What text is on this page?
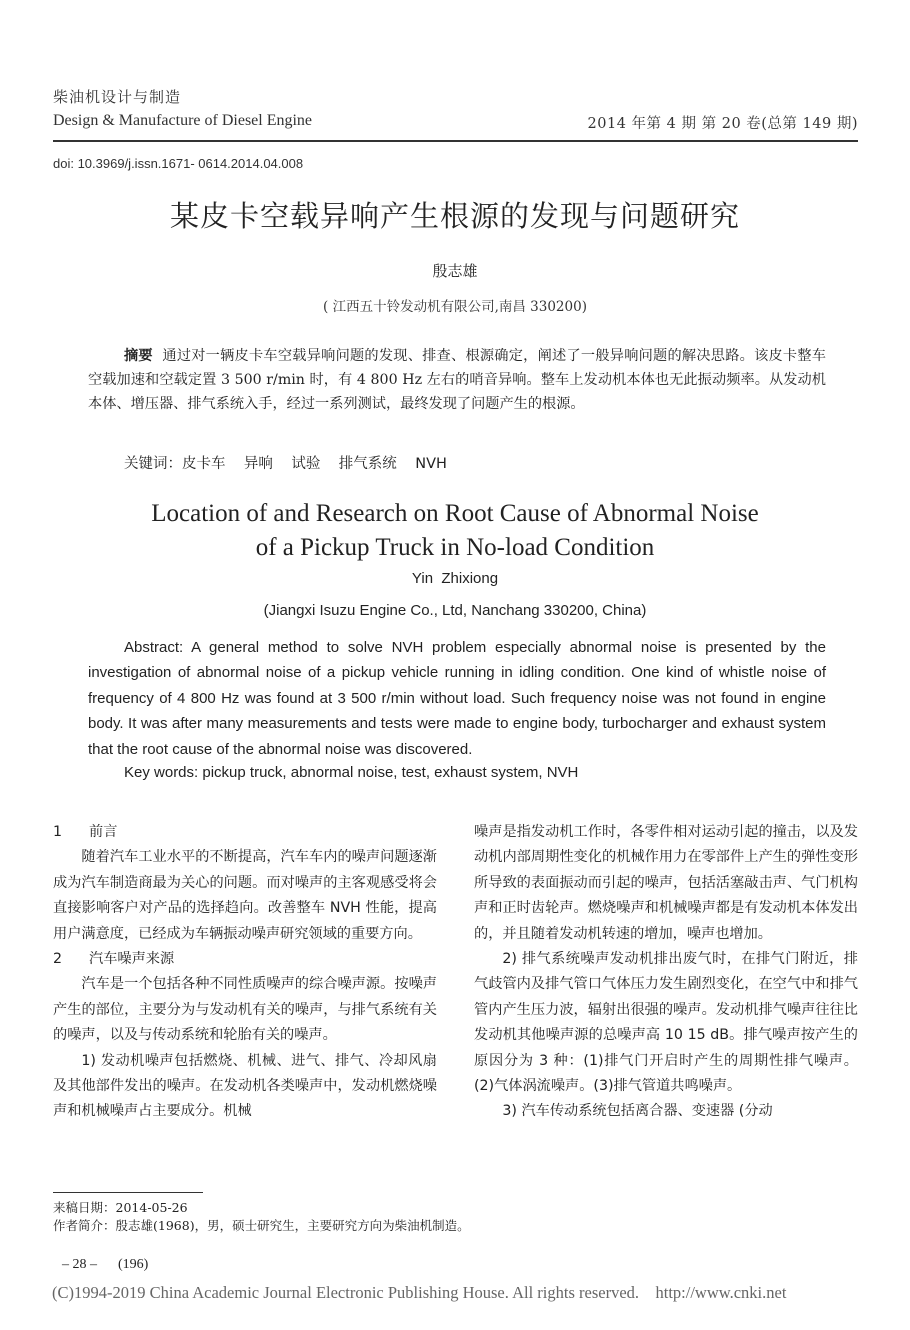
柴油机设计与制造
Design & Manufacture of Diesel Engine	2014 年第 4 期 第 20 卷(总第 149 期)
doi: 10.3969/j.issn.1671- 0614.2014.04.008
某皮卡空载异响产生根源的发现与问题研究
殷志雄
( 江西五十铃发动机有限公司,南昌 330200)

摘要 通过对一辆皮卡车空载异响问题的发现、排查、根源确定，阐述了一般异响问题的解决思路。该皮卡整车空载加速和空载定置 3 500 r/min 时，有 4 800 Hz 左右的哨音异响。整车上发动机本体也无此振动频率。从发动机本体、增压器、排气系统入手，经过一系列测试，最终发现了问题产生的根源。

关键词：皮卡车    异响    试验    排气系统    NVH
Location of and Research on Root Cause of Abnormal Noise
of a Pickup Truck in No-load Condition
Yin  Zhixiong
(Jiangxi Isuzu Engine Co., Ltd, Nanchang 330200, China)

Abstract: A general method to solve NVH problem especially abnormal noise is presented by the investigation of abnormal noise of a pickup vehicle running in idling condition. One kind of whistle noise of frequency of 4 800 Hz was found at 3 500 r/min without load. Such frequency noise was not found in engine body. It was after many measurements and tests were made to engine body, turbocharger and exhaust system that the root cause of the abnormal noise was discovered.

Key words: pickup truck, abnormal noise, test, exhaust system, NVH

1 前言

随着汽车工业水平的不断提高，汽车车内的噪声问题逐渐成为汽车制造商最为关心的问题。而对噪声的主客观感受将会直接影响客户对产品的选择趋向。改善整车 NVH 性能，提高用户满意度，已经成为车辆振动噪声研究领域的重要方向。

2 汽车噪声来源

汽车是一个包括各种不同性质噪声的综合噪声源。按噪声产生的部位，主要分为与发动机有关的噪声，与排气系统有关的噪声，以及与传动系统和轮胎有关的噪声。

1) 发动机噪声包括燃烧、机械、进气、排气、冷却风扇及其他部件发出的噪声。在发动机各类噪声中，发动机燃烧噪声和机械噪声占主要成分。机械

噪声是指发动机工作时，各零件相对运动引起的撞击，以及发动机内部周期性变化的机械作用力在零部件上产生的弹性变形所导致的表面振动而引起的噪声，包括活塞敲击声、气门机构声和正时齿轮声。燃烧噪声和机械噪声都是有发动机本体发出的，并且随着发动机转速的增加，噪声也增加。

2) 排气系统噪声发动机排出废气时，在排气门附近，排气歧管内及排气管口气体压力发生剧烈变化，在空气中和排气管内产生压力波，辐射出很强的噪声。发动机排气噪声往往比发动机其他噪声源的总噪声高 10 15 dB。排气噪声按产生的原因分为 3 种：(1)排气门开启时产生的周期性排气噪声。(2)气体涡流噪声。(3)排气管道共鸣噪声。

3) 汽车传动系统包括离合器、变速器 (分动

来稿日期：2014-05-26
作者简介：殷志雄(1968)，男，硕士研究生，主要研究方向为柴油机制造。
– 28 –      (196)
(C)1994-2019 China Academic Journal Electronic Publishing House. All rights reserved.    http://www.cnki.net
